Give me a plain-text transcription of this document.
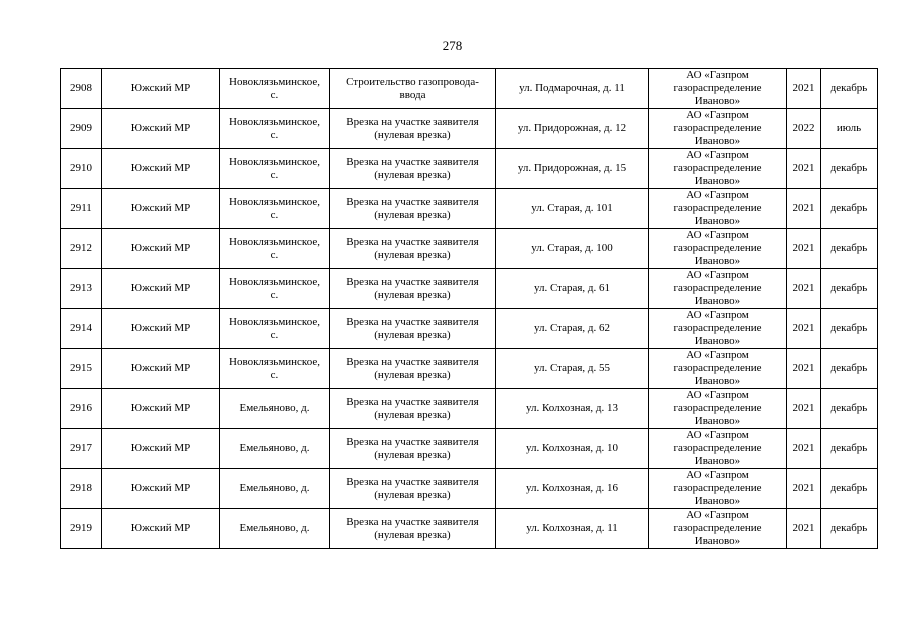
278
2908	Южский МР	Новоклязьминское,
с.	Строительство газопровода-
ввода	ул. Подмарочная, д. 11	АО «Газпром
газораспределение
Иваново»	2021	декабрь

2909	Южский МР	Новоклязьминское,
с.	Врезка на участке заявителя
(нулевая врезка)	ул. Придорожная, д. 12	АО «Газпром
газораспределение
Иваново»	2022	июль

2910	Южский МР	Новоклязьминское,
с.	Врезка на участке заявителя
(нулевая врезка)	ул. Придорожная, д. 15	АО «Газпром
газораспределение
Иваново»	2021	декабрь

2911	Южский МР	Новоклязьминское,
с.	Врезка на участке заявителя
(нулевая врезка)	ул. Старая, д. 101	АО «Газпром
газораспределение
Иваново»	2021	декабрь

2912	Южский МР	Новоклязьминское,
с.	Врезка на участке заявителя
(нулевая врезка)	ул. Старая, д. 100	АО «Газпром
газораспределение
Иваново»	2021	декабрь

2913	Южский МР	Новоклязьминское,
с.	Врезка на участке заявителя
(нулевая врезка)	ул. Старая, д. 61	АО «Газпром
газораспределение
Иваново»	2021	декабрь

2914	Южский МР	Новоклязьминское,
с.	Врезка на участке заявителя
(нулевая врезка)	ул. Старая, д. 62	АО «Газпром
газораспределение
Иваново»	2021	декабрь

2915	Южский МР	Новоклязьминское,
с.	Врезка на участке заявителя
(нулевая врезка)	ул. Старая, д. 55	АО «Газпром
газораспределение
Иваново»	2021	декабрь

2916	Южский МР	Емельяново, д.	Врезка на участке заявителя
(нулевая врезка)	ул. Колхозная, д. 13	АО «Газпром
газораспределение
Иваново»	2021	декабрь

2917	Южский МР	Емельяново, д.	Врезка на участке заявителя
(нулевая врезка)	ул. Колхозная, д. 10	АО «Газпром
газораспределение
Иваново»	2021	декабрь

2918	Южский МР	Емельяново, д.	Врезка на участке заявителя
(нулевая врезка)	ул. Колхозная, д. 16	АО «Газпром
газораспределение
Иваново»	2021	декабрь

2919	Южский МР	Емельяново, д.	Врезка на участке заявителя
(нулевая врезка)	ул. Колхозная, д. 11	АО «Газпром
газораспределение
Иваново»	2021	декабрь
